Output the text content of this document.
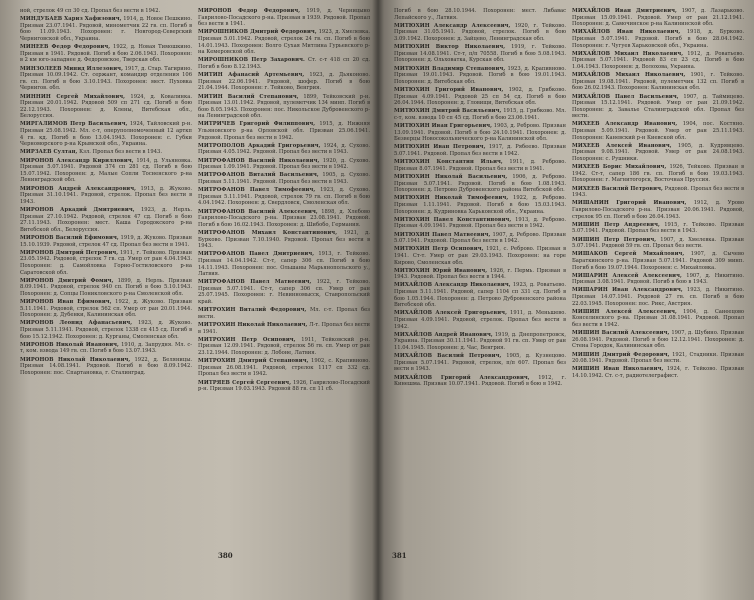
ной, стрелок 49 сп 30 сд. Пропал без вести в 1942.
МИНДУБАЕВ Хариз Хафизович, 1914, д. Новое Пешкино. Призван 23.07.1941. Рядовой, минометчик 22 гв. сп. Погиб в бою 11.09.1943. Похоронен: г. Новгород-Северский Черниговской обл., Украина.
МИНЕЕВ Федор Федорович, 1922, д. Новая Тимошкино. Призван в 1941. Рядовой. Погиб в бою 2.06.1943. Похоронен: в 2 км юго-западнее д. Федоровское, Тверская обл.
МИНЗОЛЕЕВ Минид Иллезович, 1917, д. Стар. Тагирино. Призван 10.09.1942. Ст. сержант, командир отделения 106 гв. сп. Погиб в бою 3.10.1943. Похоронен: мест. Пуховка Чернигов. обл.
МИННИН Сергей Михайлович, 1924, д. Ковалинка. Призван 20.01.1942. Рядовой 509 сп 271 сд. Погиб в бою 22.12.1943. Похоронен: д. Клены, Витебская обл., Белоруссия.
МИРГАЛИМОВ Петр Васильевич, 1924, Тайловский р-н. Призван 25.08.1942. Мл. с-т, оперуполномоченный 12 арткп 4 гв. кд. Погиб в бою 13.04.1943. Похоронен: с. Губки Черноморского р-на Крымской обл., Украина.
МИРЗАЕВ Султан, Кзл. Пропал без вести в 1943.
МИРОНОВ Александр Кириллович, 1914, д. Ульяновка. Призван 5.07.1941. Рядовой 374 сп 281 сд. Погиб в бою 15.07.1942. Похоронен: д. Малые Сопли Тосненского р-на Ленинградской обл.
МИРОНОВ Андрей Александрович, 1913, д. Жуково. Призван 31.10.1941. Рядовой, стрелок. Пропал без вести в 1943.
МИРОНОВ Аркадий Дмитриевич, 1923, д. Нерль. Призван 27.10.1942. Рядовой, стрелок 47 сд. Погиб в бою 27.11.1943. Похоронен: мест. Каша Городокского р-на Витебской обл., Белоруссия.
МИРОНОВ Василий Ефимович, 1919, д. Жуково. Призван 15.10.1939. Рядовой, стрелок 47 сд. Пропал без вести в 1941.
МИРОНОВ Дмитрий Петрович, 1911, г. Тейково. Призван 23.05.1942. Рядовой, стрелок 7 гв. сд. Умер от ран 4.04.1943. Похоронен: д. Самойловка Горно-Гостиловского р-на Саратовской обл.
МИРОНОВ Дмитрий Фомич, 1899, д. Нерль. Призван 8.09.1941. Рядовой, стрелок 940 сп. Погиб в бою 5.10.1943. Похоронен: д. Сопцы Поникловского р-на Смоленской обл.
МИРОНОВ Иван Ефимович, 1922, д. Жуково. Призван 5.11.1941. Рядовой, стрелок 562 сп. Умер от ран 20.01.1944. Похоронен: д. Дубенки, Калининская обл.
МИРОНОВ Леонид Афанасьевич, 1923, д. Жуково. Призван 5.11.1941. Рядовой, стрелок 1338 сп 415 сд. Погиб в бою 15.12.1942. Похоронен: д. Курганы, Смоленская обл.
МИРОНОВ Николай Иванович, 1910, д. Запрудня. Мл. с-т, ком. взвода 149 гв. сп. Погиб в бою 13.07.1943.
МИРОНОВ Николай Николаевич, 1922, д. Беляницы. Призван 14.08.1941. Рядовой. Погиб в бою 8.09.1942. Похоронен: пос. Спартановка, г. Сталинград.
МИРОНОВ Федор Федорович, 1919, д. Черницыно Гаврилово-Посадского р-на. Призван в 1939. Рядовой. Пропал без вести в 1941.
МИРОШНИКОВ Дмитрий Федорович, 1923, д. Хмелевка. Призван 5.01.1942. Рядовой, стрелок 24 гв. сп. Погиб в бою 14.01.1943. Похоронен: Волго Сухая Митлина Гурьевского р-на Кемеровской обл.
МИРОШНИКОВ Петр Захарович. Ст. с-т 418 сп 20 сд. Погиб в бою 8.12.1943.
МИТИН Афанасий Артемьевич, 1923, д. Дьяконово. Призван 22.06.1941. Рядовой, шофер. Погиб в бою 21.04.1944. Похоронен: г. Тейково, Венгрия.
МИТИН Василий Степанович, 1899, Тейковский р-н. Призван 13.01.1942. Рядовой, пулеметчик 134 минп. Погиб в бою 8.05.1943. Похоронен: пос. Никольское Дубровенского р-на Ленинградской обл.
МИТРИЧЕВ Григорий Филиппович, 1915, д. Нижняя Ульяновского р-на Орловской обл. Призван 25.06.1941. Рядовой. Пропал без вести в 1942.
МИТРОПОЛОВ Аркадий Григорьевич, 1924, д. Сухово. Призван 4.05.1942. Рядовой. Пропал без вести в 1943.
МИТРОФАНОВ Василий Николаевич, 1920, д. Сухово. Призван 1.09.1941. Рядовой. Пропал без вести в 1942.
МИТРОФАНОВ Виталий Васильевич, 1905, д. Сухово. Призван 5.11.1941. Рядовой. Пропал без вести в 1943.
МИТРОФАНОВ Павел Тимофеевич, 1923, д. Сухово. Призван 5.11.1941. Рядовой, стрелок 79 гв. сп. Погиб в бою 4.04.1942. Похоронен: д. Свердловск, Смоленская обл.
МИТРОФАНОВ Василий Алексеевич, 1898, д. Хлебово Гаврилово-Посадского р-на. Призван 23.08.1941. Рядовой. Погиб в бою 16.02.1943. Похоронен: д. Шибобо, Германия.
МИТРОФАНОВ Михаил Константинович, 1921, д. Бурково. Призван 7.10.1940. Рядовой. Пропал без вести в 1943.
МИТРОФАНОВ Павел Дмитриевич, 1913, г. Тейково. Призван 14.04.1942. Ст-т, сапер 306 сп. Погиб в бою 14.11.1943. Похоронен: пос. Ольшаны Марьянопольского у., Латвия.
МИТРОФАНОВ Павел Матвеевич, 1922, г. Тейково. Призван 5.07.1941. Ст-т, сапер 306 сп. Умер от ран 25.07.1945. Похоронен: г. Невинномысск, Ставропольский край.
МИТРОХИН Виталий Федорович, Мл. с-т. Пропал без вести.
МИТРОХИН Николай Николаевич, Л-т. Пропал без вести в 1941.
МИТРОХИН Петр Осипович, 1911, Тейковский р-н. Призван 12.09.1941. Рядовой, стрелок 56 гв. сп. Умер от ран 23.12.1944. Похоронен: д. Лобоне, Латвия.
МИТРОХИН Дмитрий Степанович, 1902, с. Крапивново. Призван 26.08.1941. Рядовой, стрелок 1117 сп 332 сд. Пропал без вести в 1942.
МИТРЯЕВ Сергей Сергеевич, 1926, Гаврилово-Посадский р-н. Призван 19.03.1943. Рядовой 88 гв. сп 11 сб.
380
Погиб в бою 28.10.1944. Похоронен: мест. Либавас Лепайского у., Латвия.
МИТЮХИН Александр Алексеевич, 1920, г. Тейково. Призван 31.05.1941. Рядовой, стрелок. Погиб в бою 3.09.1942. Похоронен: д. Зайцево, Ленинградская обл.
МИТЮХИН Виктор Николаевич, 1919, г. Тейково. Призван 14.08.1941. Ст-т, п/п 70558. Погиб в бою 5.08.1943. Похоронен: д. Ольховатка, Курская обл.
МИТЮХИН Владимир Степанович, 1923, д. Крапивново. Призван 19.01.1943. Рядовой. Погиб в бою 19.01.1943. Похоронен: д. Витебская обл.
МИТЮХИН Григорий Иванович, 1902, д. Грибково. Призван 4.09.1941. Рядовой 25 сп 54 сд. Погиб в бою 26.04.1944. Похоронен: д. Гловищи, Витебская обл.
МИТЮХИН Дмитрий Васильевич, 1915, д. Грибково. Мл. с-т, ком. взвода 10 сп 45 сд. Погиб в бою 23.06.1941.
МИТЮХИН Иван Григорьевич, 1903, д. Реброво. Призван 13.09.1941. Рядовой. Погиб в бою 24.10.1941. Похоронен: д. Безверцы Новосокольнического р-на Калининской обл.
МИТЮХИН Иван Петрович, 1917, д. Рябеево. Призван 5.07.1941. Рядовой. Пропал без вести в 1942.
МИТЮХИН Константин Ильич, 1911, д. Реброво. Призван 8.07.1941. Рядовой. Пропал без вести в 1941.
МИТЮХИН Николай Васильевич, 1906, д. Реброво. Призван 5.07.1941. Рядовой. Погиб в бою 1.08.1943. Похоронен: д. Петрово Дубровенского района Витебской обл.
МИТЮХИН Николай Тимофеевич, 1922, д. Реброво. Призван 1.11.1941. Рядовой. Погиб в бою 15.03.1943. Похоронен: д. Кудриновка Харьковской обл., Украина.
МИТЮХИН Павел Константинович, 1913, д. Реброво. Призван 4.09.1941. Рядовой. Пропал без вести в 1942.
МИТЮХИН Павел Матвеевич, 1907, д. Реброво. Призван 5.07.1941. Рядовой. Пропал без вести в 1942.
МИТЮХИН Петр Осипович, 1921, с. Реброво. Призван в 1941. Ст-т. Умер от ран 29.03.1943. Похоронен: на горе Кирово, Смоленская обл.
МИТЮХИН Юрий Иванович, 1926, г. Пермь. Призван в 1943. Рядовой. Пропал без вести в 1944.
МИХАЙЛОВ Александр Николаевич, 1923, д. Роватьево. Призван 5.11.1941. Рядовой, сапер 1104 сп 331 сд. Погиб в бою 1.05.1944. Похоронен: д. Петрово Дубровенского района Витебской обл.
МИХАЙЛОВ Алексей Григорьевич, 1911, д. Меньшево. Призван 4.09.1941. Рядовой, стрелок. Пропал без вести в 1942.
МИХАЙЛОВ Андрей Иванович, 1919, д. Днепропетровск, Украина. Призван 30.11.1941. Рядовой 91 гв. сп. Умер от ран 11.04.1945. Похоронен: д. Час, Венгрия.
МИХАЙЛОВ Василий Петрович, 1905, д. Кузнецово. Призван 5.07.1941. Рядовой, стрелок, п/п 607. Пропал без вести в 1943.
МИХАЙЛОВ Григорий Александрович, 1912, г. Кинешма. Призван 10.07.1941. Рядовой. Погиб в бою в 1942.
МИХАЙЛОВ Иван Дмитриевич, 1907, д. Лазарьково. Призван 15.09.1941. Рядовой. Умер от ран 21.12.1941. Похоронен: д. Самочинское р-на Калининской обл.
МИХАЙЛОВ Иван Николаевич, 1918, д. Бурково. Призван 5.07.1941. Рядовой. Погиб в бою 28.04.1942. Похоронен: г. Чугуев Харьковской обл., Украина.
МИХАЙЛОВ Михаил Николаевич, 1912, д. Роватьево. Призван 5.07.1941. Рядовой 83 сп 23 сд. Погиб в бою 1.04.1943. Похоронен: д. Волохова, Украина.
МИХАЙЛОВ Михаил Николаевич, 1901, г. Тейково. Призван 19.08.1941. Рядовой, пулеметчик 132 сп. Погиб в бою 26.02.1943. Похоронен: Калининская обл.
МИХАЙЛОВ Павел Васильевич, 1907, д. Таймицево. Призван 15.12.1941. Рядовой. Умер от ран 21.09.1942. Похоронен: д. Завалье Сталинградской обл. Пропал без вести.
МИХЕЕВ Александр Иванович, 1904, пос. Костяно. Призван 5.09.1941. Рядовой. Умер от ран 25.11.1943. Похоронен: Каневский р-н Киевской обл.
МИХЕЕВ Алексей Иванович, 1905, д. Кудрявцево. Призван 9.08.1941. Рядовой. Умер от ран 24.08.1943. Похоронен: с. Рушники.
МИХЕЕВ Борис Михайлович, 1926, Тейково. Призван в 1942. Ст-т, сапер 186 гв. сп. Погиб в бою 19.03.1943. Похоронен: г. Магнитогорск, Восточная Пруссия.
МИХЕЕВ Василий Петрович, Рядовой. Пропал без вести в 1943.
МИШАНИН Григорий Иванович, 1912, д. Урово Гаврилово-Посадского р-на. Призван 20.06.1941. Рядовой, стрелок 95 сп. Погиб в бою 26.04.1943.
МИШИН Петр Андреевич, 1915, г. Тейково. Призван 5.07.1941. Рядовой. Пропал без вести в 1943.
МИШИН Петр Петрович, 1907, д. Хмелевка. Призван 5.07.1941. Рядовой 59 гв. сп. Пропал без вести.
МИШАКОВ Сергей Михайлович, 1907, д. Сычево Бараткинского р-на. Призван 5.07.1941. Рядовой 309 минп. Погиб в бою 19.07.1944. Похоронен: с. Михайловка.
МИШАРИН Алексей Алексеевич, 1907, д. Никитино. Призван 3.08.1941. Рядовой. Погиб в бою в 1943.
МИШАРИН Иван Александрович, 1923, д. Никитино. Призван 14.07.1941. Рядовой 27 гв. сп. Погиб в бою 22.03.1945. Похоронен: пос. Рикс, Австрия.
МИШИН Алексей Алексеевич, 1904, д. Санеецово Конселинского р-на. Призван 31.08.1941. Рядовой. Пропал без вести в 1942.
МИШИН Василий Алексеевич, 1907, д. Шубино. Призван 26.08.1941. Рядовой. Погиб в бою 12.12.1941. Похоронен: д. Стена Городок, Калининская обл.
МИШИН Дмитрий Федорович, 1921, Стадники. Призван 20.08.1941. Рядовой. Пропал без вести.
МИШИН Иван Николаевич, 1924, г. Тейково. Призван 14.10.1942. Ст. с-т, радиотелеграфист.
381
